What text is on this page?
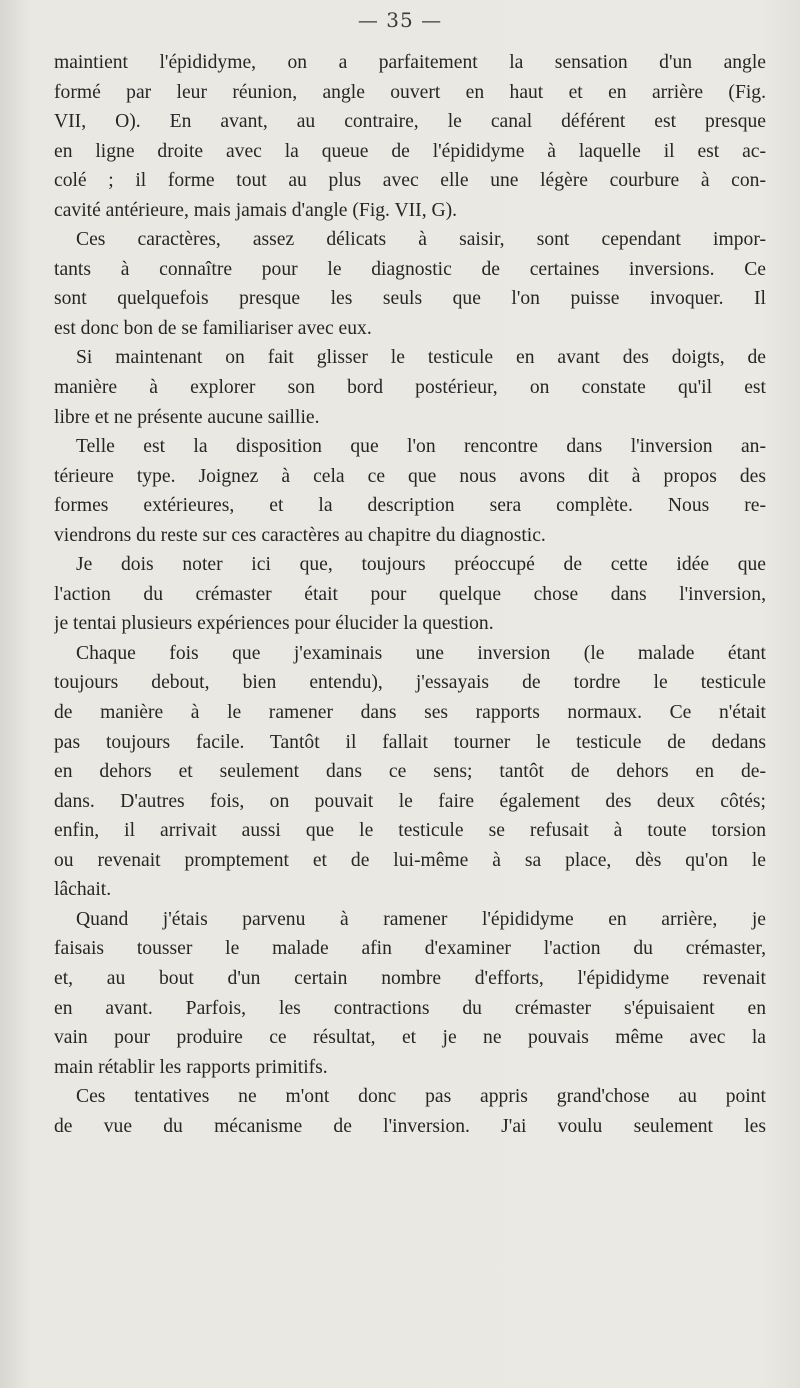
— 35 —
maintient l'épididyme, on a parfaitement la sensation d'un angle
formé par leur réunion, angle ouvert en haut et en arrière (Fig.
VII, O). En avant, au contraire, le canal déférent est presque
en ligne droite avec la queue de l'épididyme à laquelle il est ac-
colé ; il forme tout au plus avec elle une légère courbure à con-
cavité antérieure, mais jamais d'angle (Fig. VII, G).
Ces caractères, assez délicats à saisir, sont cependant impor-
tants à connaître pour le diagnostic de certaines inversions. Ce
sont quelquefois presque les seuls que l'on puisse invoquer. Il
est donc bon de se familiariser avec eux.
Si maintenant on fait glisser le testicule en avant des doigts, de
manière à explorer son bord postérieur, on constate qu'il est
libre et ne présente aucune saillie.
Telle est la disposition que l'on rencontre dans l'inversion an-
térieure type. Joignez à cela ce que nous avons dit à propos des
formes extérieures, et la description sera complète. Nous re-
viendrons du reste sur ces caractères au chapitre du diagnostic.
Je dois noter ici que, toujours préoccupé de cette idée que
l'action du crémaster était pour quelque chose dans l'inversion,
je tentai plusieurs expériences pour élucider la question.
Chaque fois que j'examinais une inversion (le malade étant
toujours debout, bien entendu), j'essayais de tordre le testicule
de manière à le ramener dans ses rapports normaux. Ce n'était
pas toujours facile. Tantôt il fallait tourner le testicule de dedans
en dehors et seulement dans ce sens; tantôt de dehors en de-
dans. D'autres fois, on pouvait le faire également des deux côtés;
enfin, il arrivait aussi que le testicule se refusait à toute torsion
ou revenait promptement et de lui-même à sa place, dès qu'on le
lâchait.
Quand j'étais parvenu à ramener l'épididyme en arrière, je
faisais tousser le malade afin d'examiner l'action du crémaster,
et, au bout d'un certain nombre d'efforts, l'épididyme revenait
en avant. Parfois, les contractions du crémaster s'épuisaient en
vain pour produire ce résultat, et je ne pouvais même avec la
main rétablir les rapports primitifs.
Ces tentatives ne m'ont donc pas appris grand'chose au point
de vue du mécanisme de l'inversion. J'ai voulu seulement les
